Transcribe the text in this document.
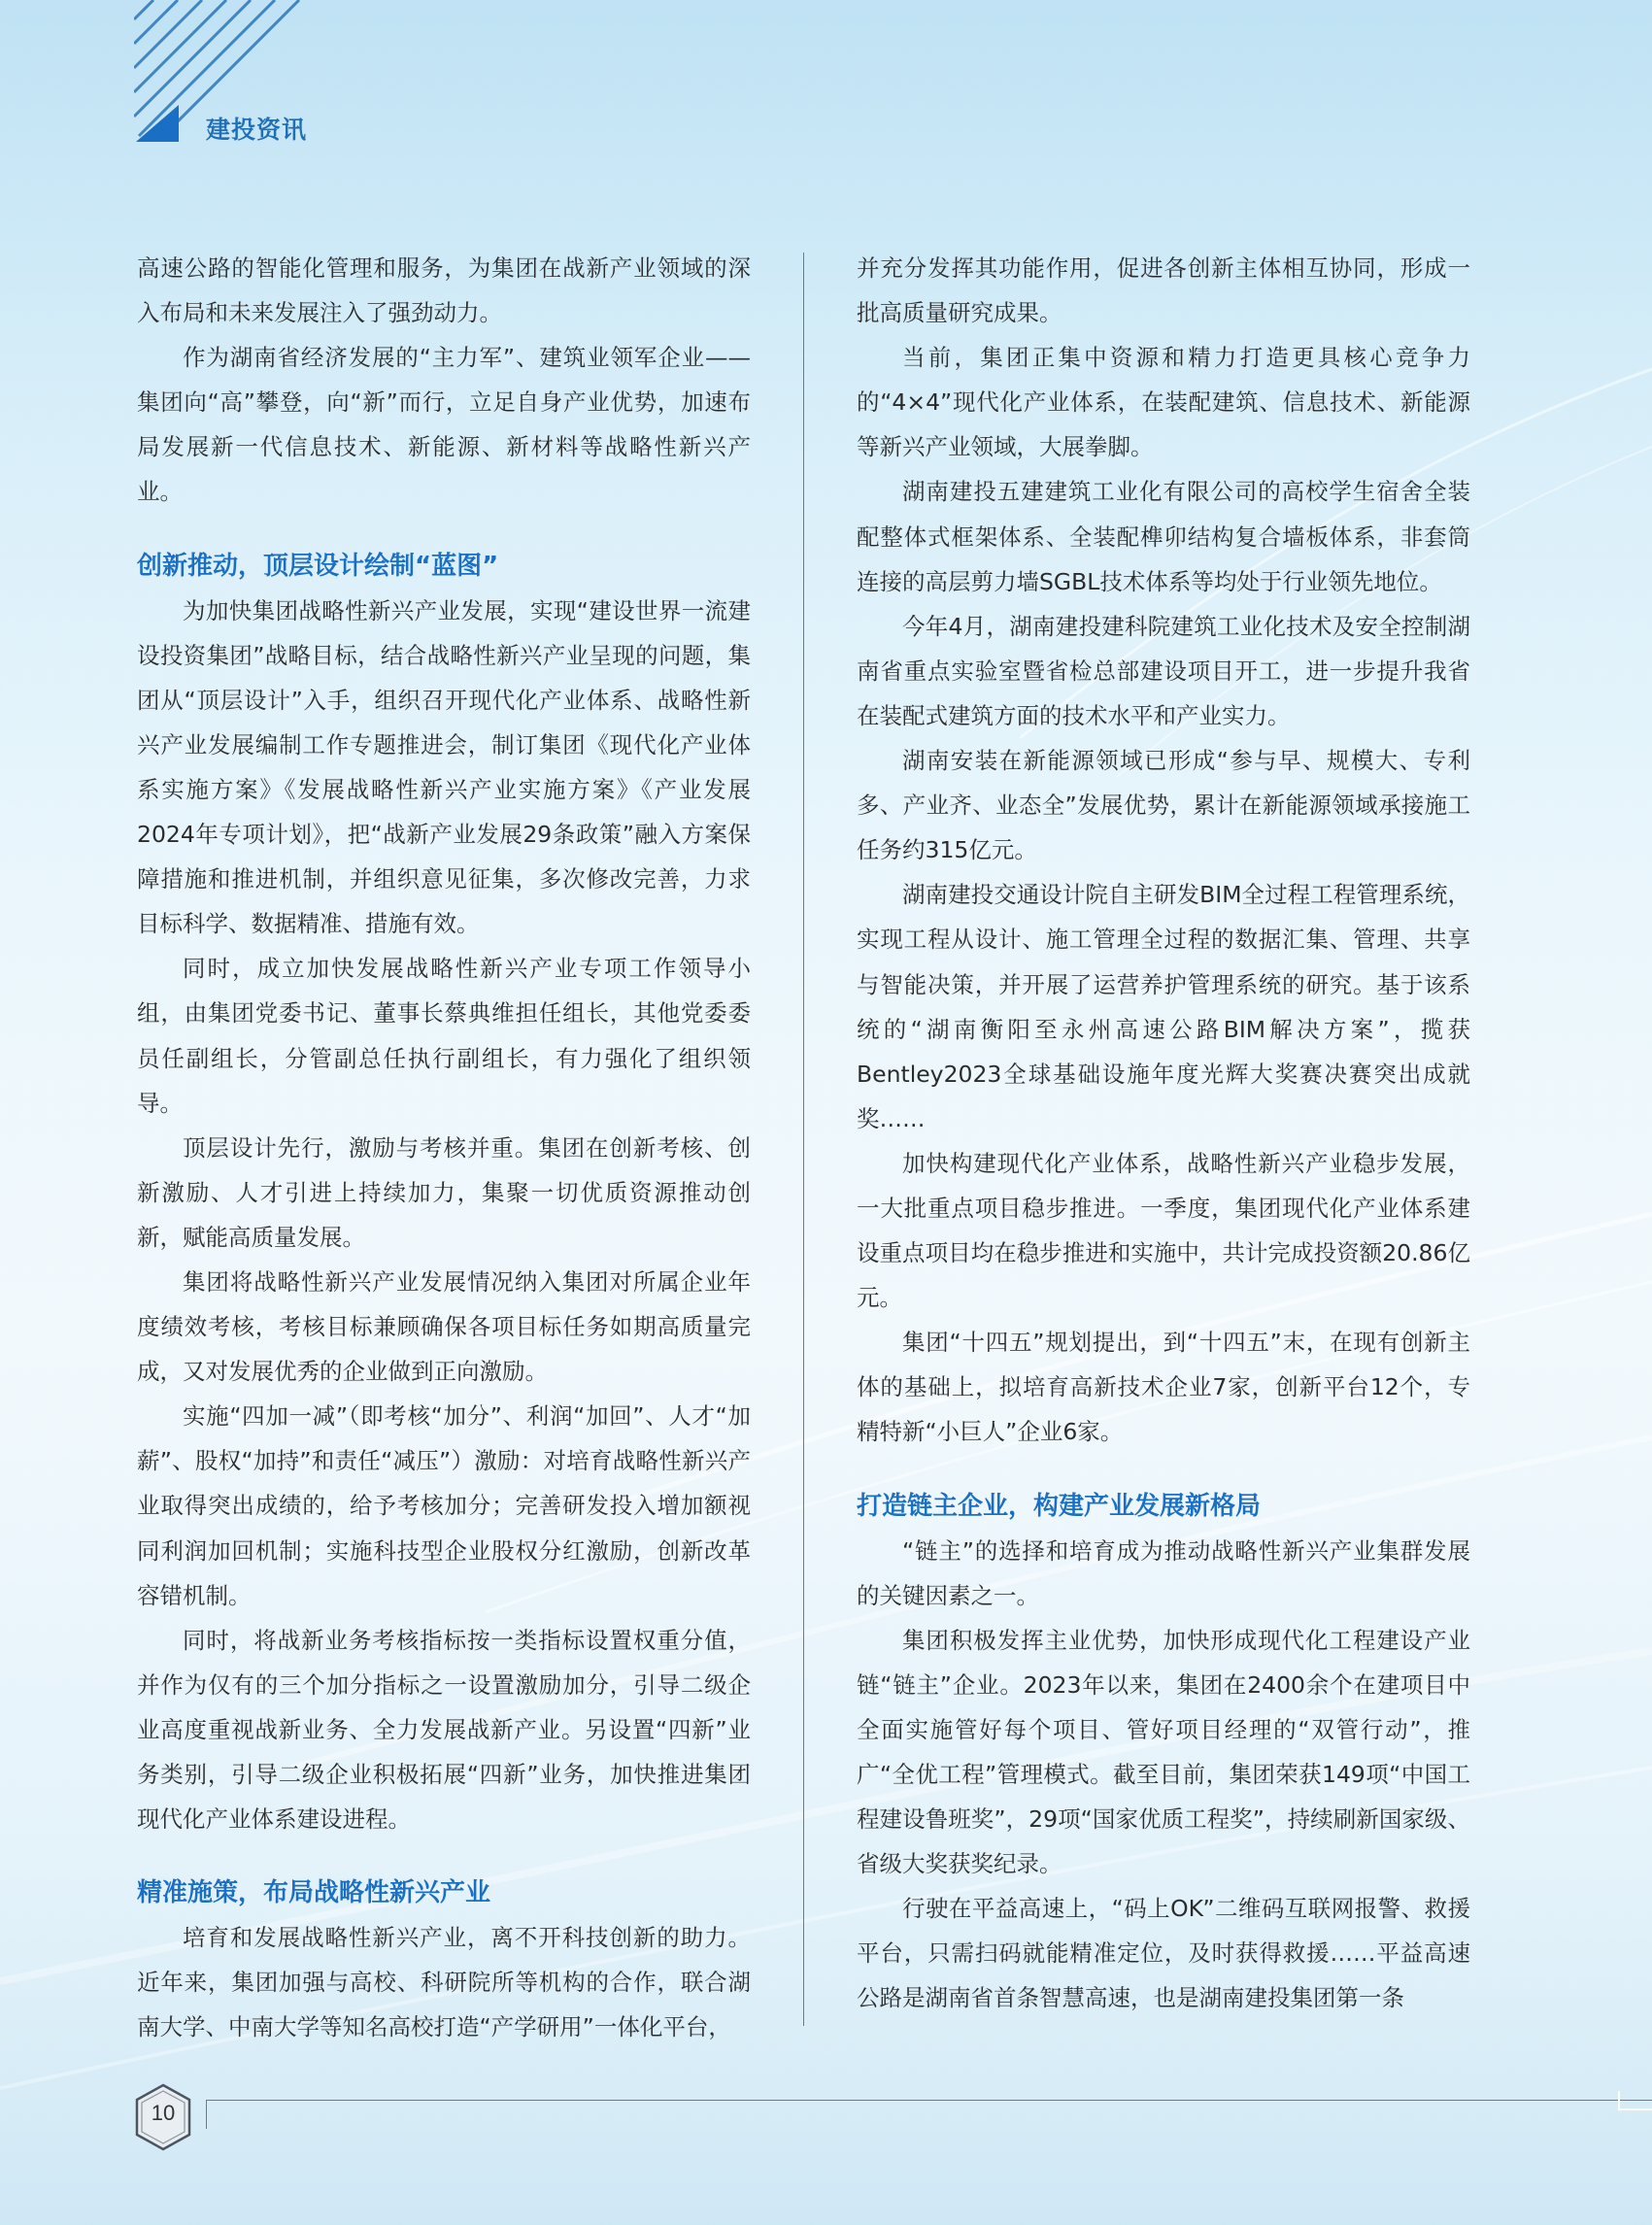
建投资讯

高速公路的智能化管理和服务，为集团在战新产业领域的深入布局和未来发展注入了强劲动力。

作为湖南省经济发展的“主力军”、建筑业领军企业——集团向“高”攀登，向“新”而行，立足自身产业优势，加速布局发展新一代信息技术、新能源、新材料等战略性新兴产业。

创新推动，顶层设计绘制“蓝图”

为加快集团战略性新兴产业发展，实现“建设世界一流建设投资集团”战略目标，结合战略性新兴产业呈现的问题，集团从“顶层设计”入手，组织召开现代化产业体系、战略性新兴产业发展编制工作专题推进会，制订集团《现代化产业体系实施方案》《发展战略性新兴产业实施方案》《产业发展2024年专项计划》，把“战新产业发展29条政策”融入方案保障措施和推进机制，并组织意见征集，多次修改完善，力求目标科学、数据精准、措施有效。

同时，成立加快发展战略性新兴产业专项工作领导小组，由集团党委书记、董事长蔡典维担任组长，其他党委委员任副组长，分管副总任执行副组长，有力强化了组织领导。

顶层设计先行，激励与考核并重。集团在创新考核、创新激励、人才引进上持续加力，集聚一切优质资源推动创新，赋能高质量发展。

集团将战略性新兴产业发展情况纳入集团对所属企业年度绩效考核，考核目标兼顾确保各项目标任务如期高质量完成，又对发展优秀的企业做到正向激励。

实施“四加一减”（即考核“加分”、利润“加回”、人才“加薪”、股权“加持”和责任“减压”）激励：对培育战略性新兴产业取得突出成绩的，给予考核加分；完善研发投入增加额视同利润加回机制；实施科技型企业股权分红激励，创新改革容错机制。

同时，将战新业务考核指标按一类指标设置权重分值，并作为仅有的三个加分指标之一设置激励加分，引导二级企业高度重视战新业务、全力发展战新产业。另设置“四新”业务类别，引导二级企业积极拓展“四新”业务，加快推进集团现代化产业体系建设进程。

精准施策，布局战略性新兴产业

培育和发展战略性新兴产业，离不开科技创新的助力。近年来，集团加强与高校、科研院所等机构的合作，联合湖南大学、中南大学等知名高校打造“产学研用”一体化平台，

并充分发挥其功能作用，促进各创新主体相互协同，形成一批高质量研究成果。

当前，集团正集中资源和精力打造更具核心竞争力的“4×4”现代化产业体系，在装配建筑、信息技术、新能源等新兴产业领域，大展拳脚。

湖南建投五建建筑工业化有限公司的高校学生宿舍全装配整体式框架体系、全装配榫卯结构复合墙板体系，非套筒连接的高层剪力墙SGBL技术体系等均处于行业领先地位。

今年4月，湖南建投建科院建筑工业化技术及安全控制湖南省重点实验室暨省检总部建设项目开工，进一步提升我省在装配式建筑方面的技术水平和产业实力。

湖南安装在新能源领域已形成“参与早、规模大、专利多、产业齐、业态全”发展优势，累计在新能源领域承接施工任务约315亿元。

湖南建投交通设计院自主研发BIM全过程工程管理系统，实现工程从设计、施工管理全过程的数据汇集、管理、共享与智能决策，并开展了运营养护管理系统的研究。基于该系统的“湖南衡阳至永州高速公路BIM解决方案”，揽获Bentley2023全球基础设施年度光辉大奖赛决赛突出成就奖……

加快构建现代化产业体系，战略性新兴产业稳步发展，一大批重点项目稳步推进。一季度，集团现代化产业体系建设重点项目均在稳步推进和实施中，共计完成投资额20.86亿元。

集团“十四五”规划提出，到“十四五”末，在现有创新主体的基础上，拟培育高新技术企业7家，创新平台12个，专精特新“小巨人”企业6家。

打造链主企业，构建产业发展新格局

“链主”的选择和培育成为推动战略性新兴产业集群发展的关键因素之一。

集团积极发挥主业优势，加快形成现代化工程建设产业链“链主”企业。2023年以来，集团在2400余个在建项目中全面实施管好每个项目、管好项目经理的“双管行动”，推广“全优工程”管理模式。截至目前，集团荣获149项“中国工程建设鲁班奖”，29项“国家优质工程奖”，持续刷新国家级、省级大奖获奖纪录。

行驶在平益高速上，“码上OK”二维码互联网报警、救援平台，只需扫码就能精准定位，及时获得救援……平益高速公路是湖南省首条智慧高速，也是湖南建投集团第一条

10
